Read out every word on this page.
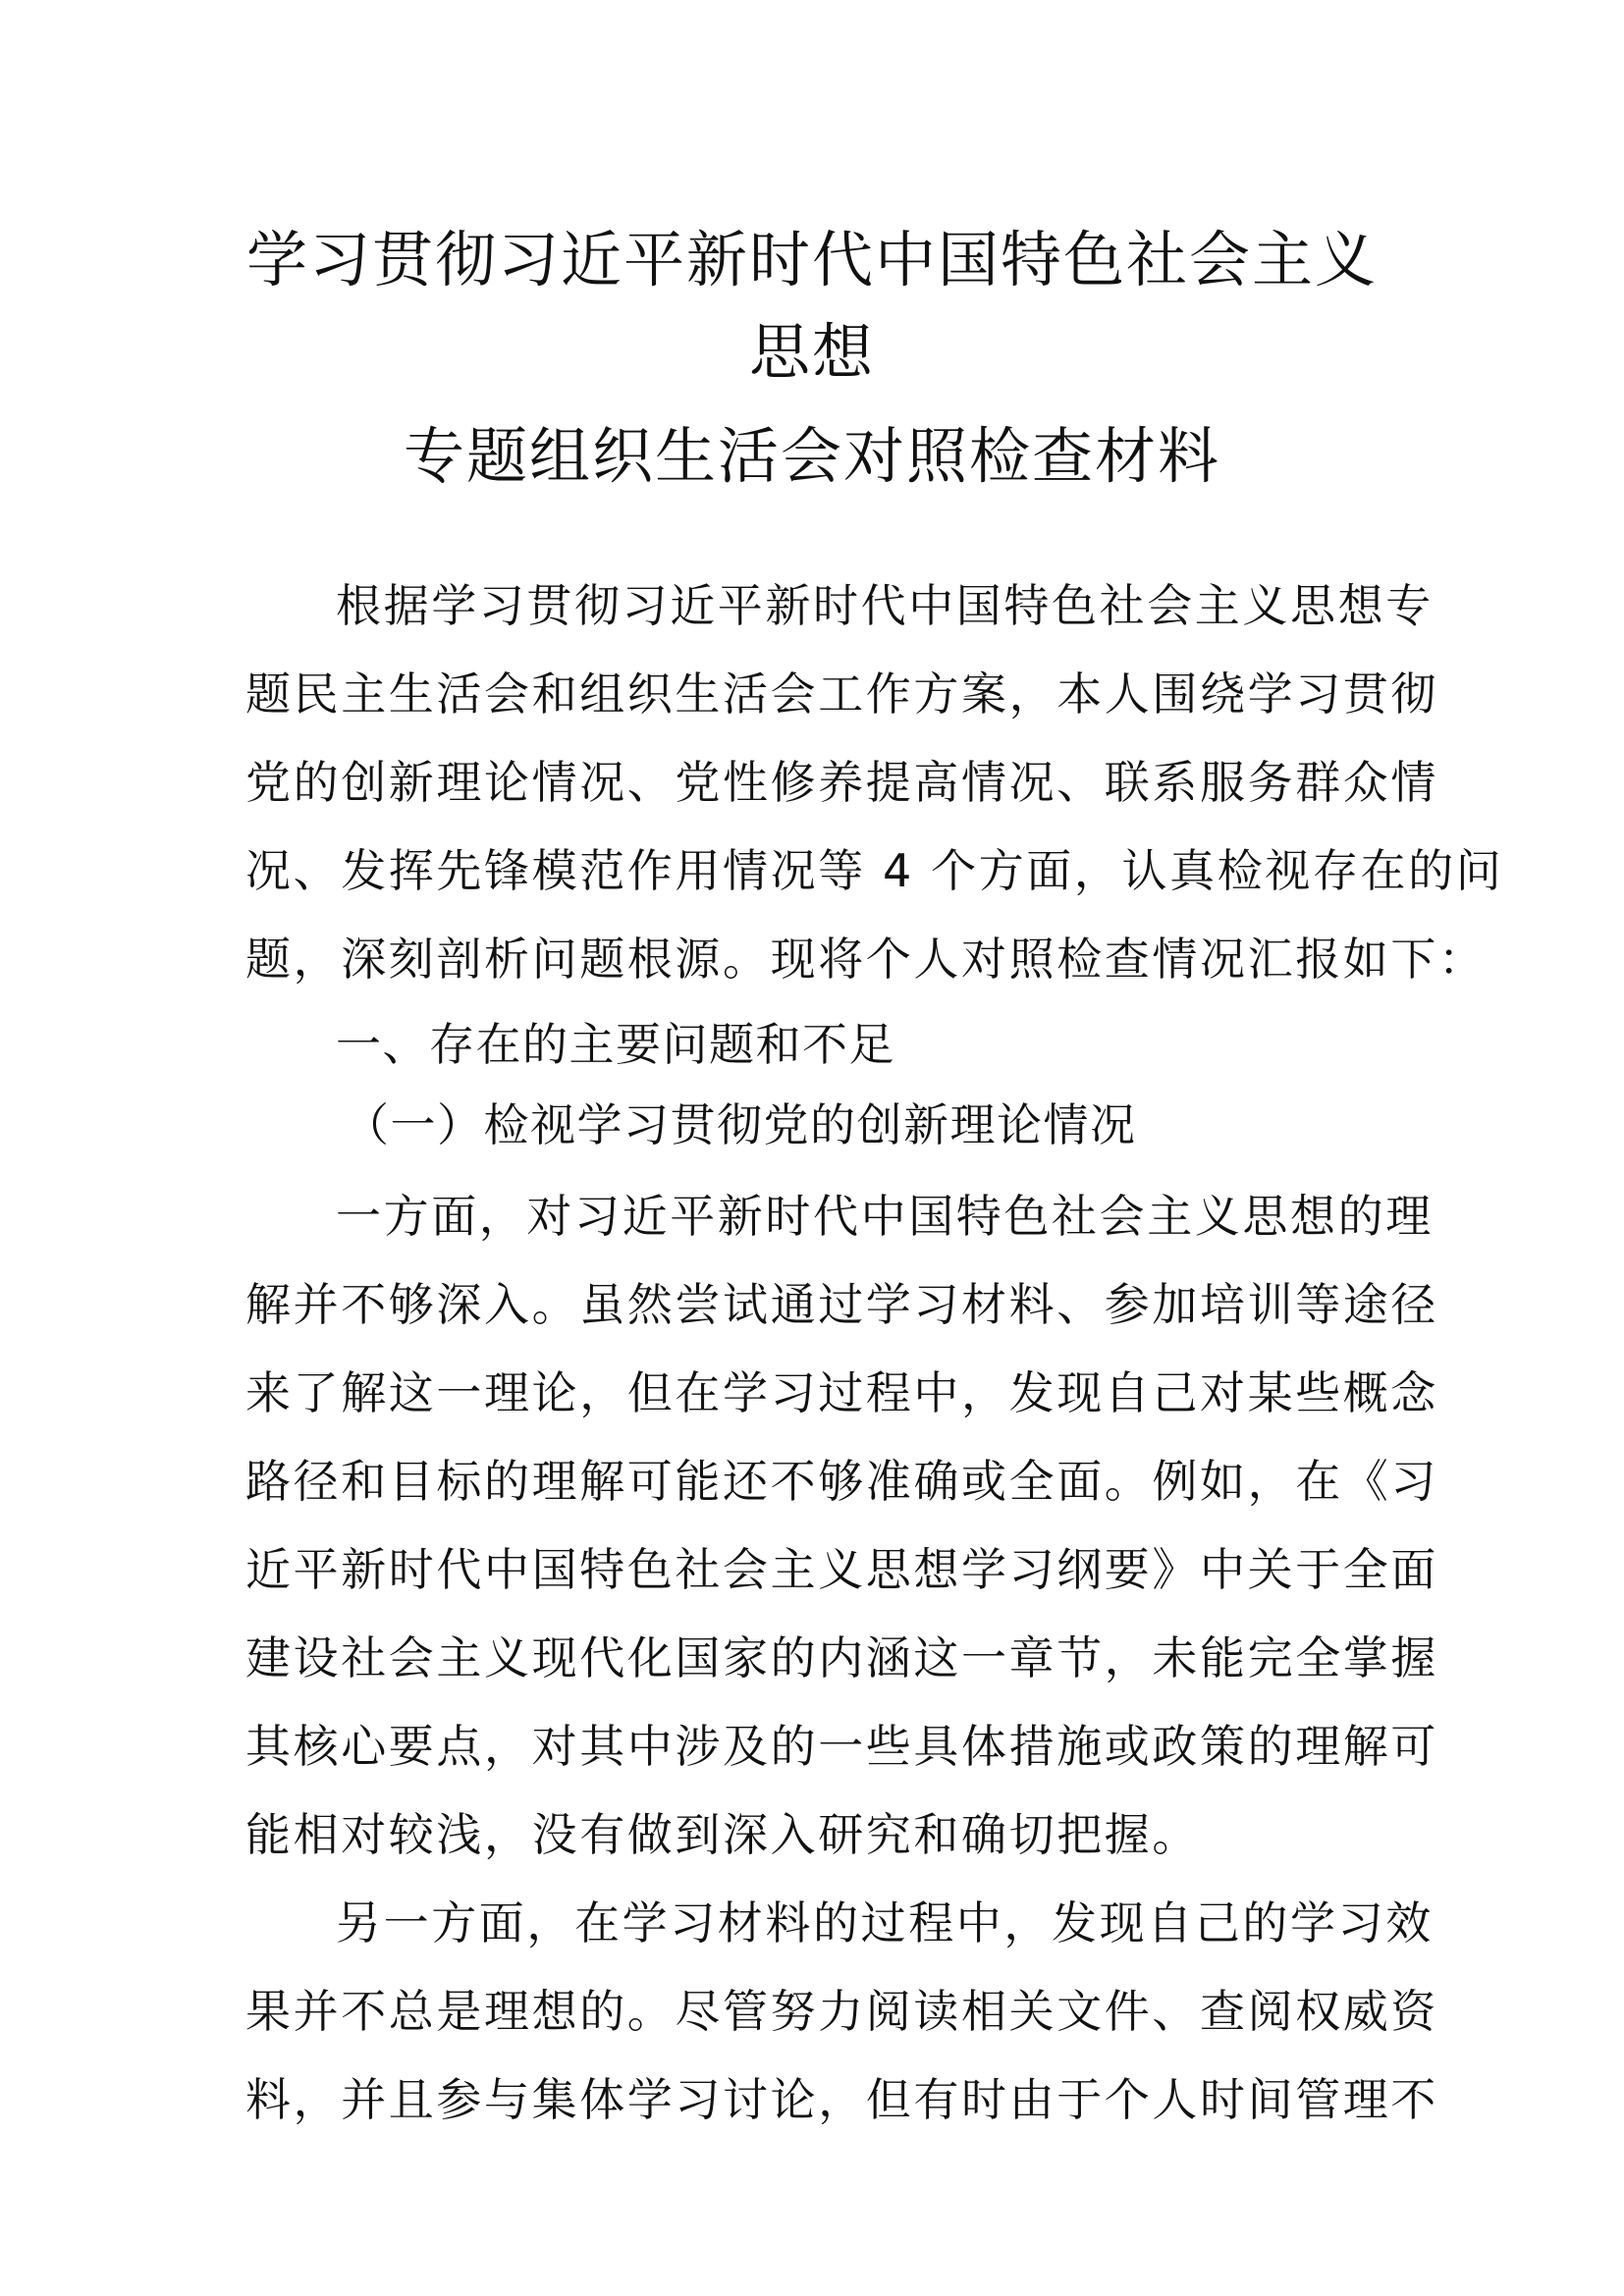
学习贯彻习近平新时代中国特色社会主义
思想
专题组织生活会对照检查材料
根据学习贯彻习近平新时代中国特色社会主义思想专
题民主生活会和组织生活会工作方案，本人围绕学习贯彻
党的创新理论情况、党性修养提高情况、联系服务群众情
况、发挥先锋模范作用情况等 4 个方面，认真检视存在的问
题，深刻剖析问题根源。现将个人对照检查情况汇报如下：
一、存在的主要问题和不足
（一）检视学习贯彻党的创新理论情况
一方面，对习近平新时代中国特色社会主义思想的理
解并不够深入。虽然尝试通过学习材料、参加培训等途径
来了解这一理论，但在学习过程中，发现自己对某些概念
路径和目标的理解可能还不够准确或全面。例如，在《习
近平新时代中国特色社会主义思想学习纲要》中关于全面
建设社会主义现代化国家的内涵这一章节，未能完全掌握
其核心要点，对其中涉及的一些具体措施或政策的理解可
能相对较浅，没有做到深入研究和确切把握。
另一方面，在学习材料的过程中，发现自己的学习效
果并不总是理想的。尽管努力阅读相关文件、查阅权威资
料，并且参与集体学习讨论，但有时由于个人时间管理不
